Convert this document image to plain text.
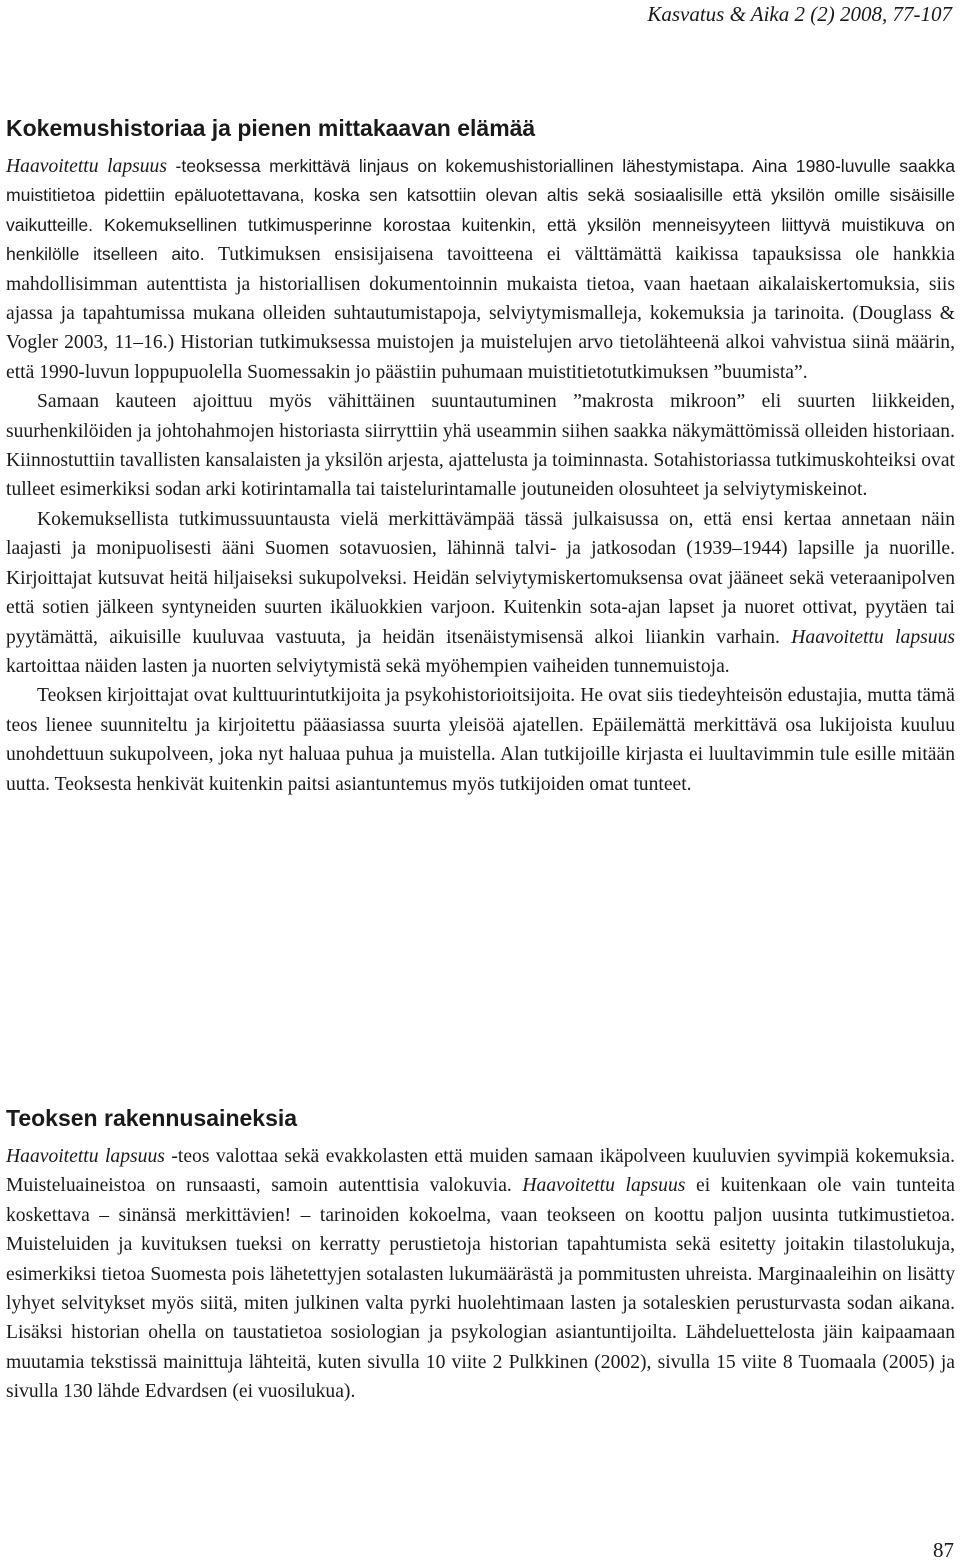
Kasvatus & Aika 2 (2) 2008, 77-107
Kokemushistoriaa ja pienen mittakaavan elämää

Haavoitettu lapsuus -teoksessa merkittävä linjaus on kokemushistoriallinen lähestymistapa. Aina 1980-luvulle saakka muistitietoa pidettiin epäluotettavana, koska sen katsottiin olevan altis sekä sosiaalisille että yksilön omille sisäisille vaikutteille. Kokemuksellinen tutkimusperinne korostaa kuitenkin, että yksilön menneisyyteen liittyvä muistikuva on henkilölle itselleen aito. Tutkimuksen ensisijaisena tavoitteena ei välttämättä kaikissa tapauksissa ole hankkia mahdollisimman autenttista ja historiallisen dokumentoinnin mukaista tietoa, vaan haetaan aikalaiskertomuksia, siis ajassa ja tapahtumissa mukana olleiden suhtautumistapoja, selviytymismalleja, kokemuksia ja tarinoita. (Douglass & Vogler 2003, 11–16.) Historian tutkimuksessa muistojen ja muistelujen arvo tietolähteenä alkoi vahvistua siinä määrin, että 1990-luvun loppupuolella Suomessakin jo päästiin puhumaan muistitietotutkimuksen ”buumista”.

Samaan kauteen ajoittuu myös vähittäinen suuntautuminen ”makrosta mikroon” eli suurten liikkeiden, suurhenkilöiden ja johtohahmojen historiasta siirryttiin yhä useammin siihen saakka näkymättömissä olleiden historiaan. Kiinnostuttiin tavallisten kansalaisten ja yksilön arjesta, ajattelusta ja toiminnasta. Sotahistoriassa tutkimuskohteiksi ovat tulleet esimerkiksi sodan arki kotirintamalla tai taistelurintamalle joutuneiden olosuhteet ja selviytymiskeinot.

Kokemuksellista tutkimussuuntausta vielä merkittävämpää tässä julkaisussa on, että ensi kertaa annetaan näin laajasti ja monipuolisesti ääni Suomen sotavuosien, lähinnä talvi- ja jatkosodan (1939–1944) lapsille ja nuorille. Kirjoittajat kutsuvat heitä hiljaiseksi sukupolveksi. Heidän selviytymiskertomuksensa ovat jääneet sekä veteraanipolven että sotien jälkeen syntyneiden suurten ikäluokkien varjoon. Kuitenkin sota-ajan lapset ja nuoret ottivat, pyytäen tai pyytämättä, aikuisille kuuluvaa vastuuta, ja heidän itsenäistymisensä alkoi liiankin varhain. Haavoitettu lapsuus kartoittaa näiden lasten ja nuorten selviytymistä sekä myöhempien vaiheiden tunnemuistoja.

Teoksen kirjoittajat ovat kulttuurintutkijoita ja psykohistorioitsijoita. He ovat siis tiedeyhteisön edustajia, mutta tämä teos lienee suunniteltu ja kirjoitettu pääasiassa suurta yleisöä ajatellen. Epäilemättä merkittävä osa lukijoista kuuluu unohdettuun sukupolveen, joka nyt haluaa puhua ja muistella. Alan tutkijoille kirjasta ei luultavimmin tule esille mitään uutta. Teoksesta henkivät kuitenkin paitsi asiantuntemus myös tutkijoiden omat tunteet.

Teoksen rakennusaineksia

Haavoitettu lapsuus -teos valottaa sekä evakkolasten että muiden samaan ikäpolveen kuuluvien syvimpiä kokemuksia. Muisteluaineistoa on runsaasti, samoin autenttisia valokuvia. Haavoitettu lapsuus ei kuitenkaan ole vain tunteita koskettava – sinänsä merkittävien! – tarinoiden kokoelma, vaan teokseen on koottu paljon uusinta tutkimustietoa. Muisteluiden ja kuvituksen tueksi on kerratty perustietoja historian tapahtumista sekä esitetty joitakin tilastolukuja, esimerkiksi tietoa Suomesta pois lähetettyjen sotalasten lukumäärästä ja pommitusten uhreista. Marginaaleihin on lisätty lyhyet selvitykset myös siitä, miten julkinen valta pyrki huolehtimaan lasten ja sotaleskien perusturvasta sodan aikana. Lisäksi historian ohella on taustatietoa sosiologian ja psykologian asiantuntijoilta. Lähdeluettelosta jäin kaipaamaan muutamia tekstissä mainittuja lähteitä, kuten sivulla 10 viite 2 Pulkkinen (2002), sivulla 15 viite 8 Tuomaala (2005) ja sivulla 130 lähde Edvardsen (ei vuosilukua).

87
